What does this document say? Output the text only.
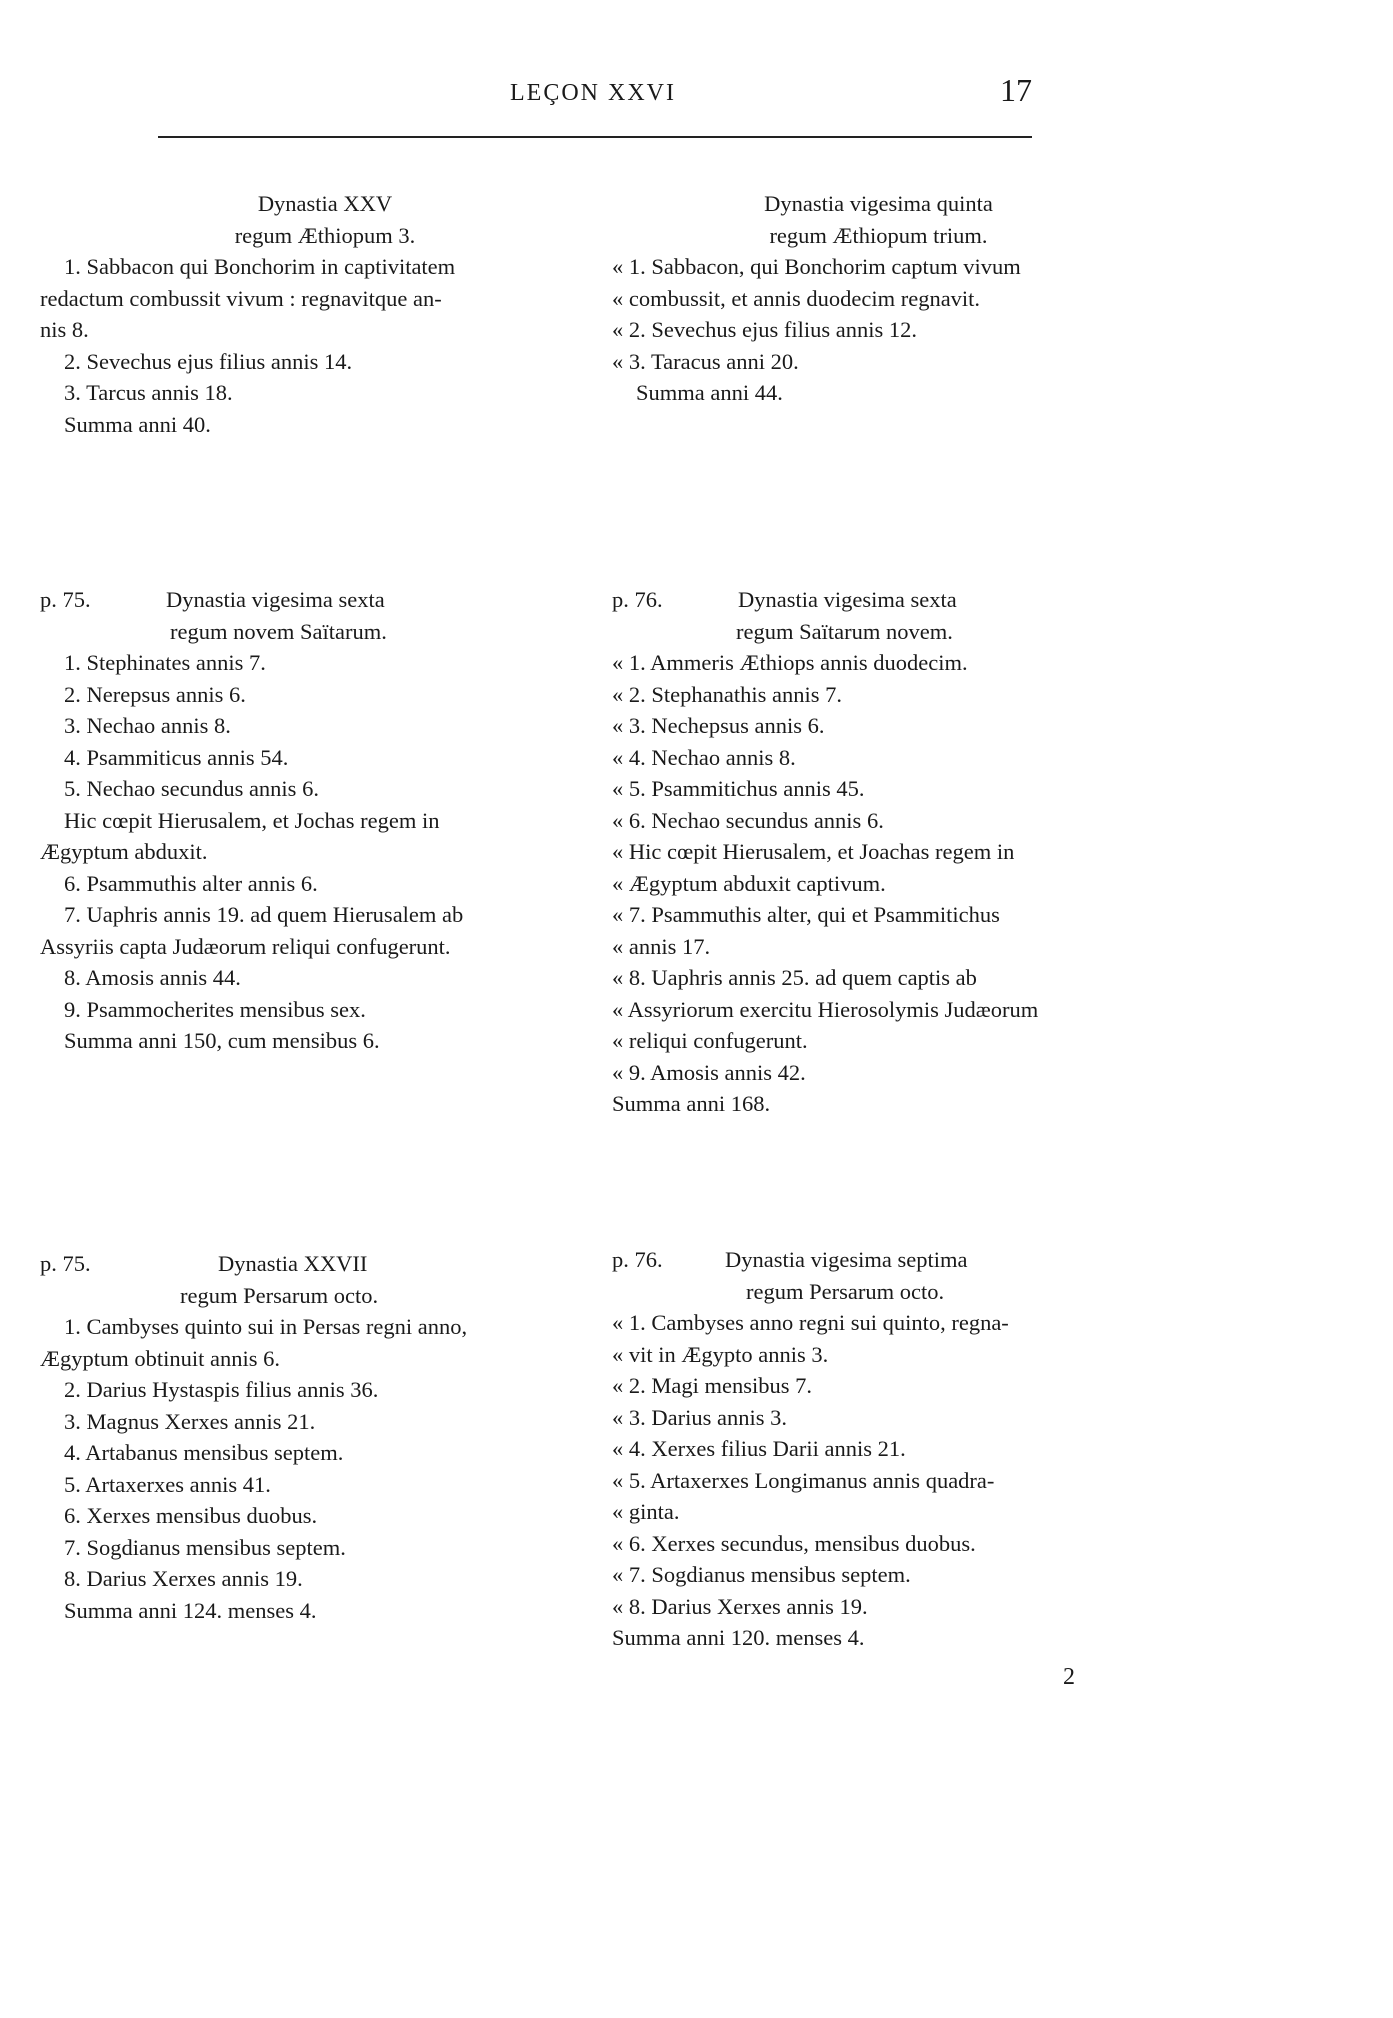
LEÇON XXVI	17
Dynastia XXV
regum Æthiopum 3.
1. Sabbacon qui Bonchorim in captivitatem
redactum combussit vivum : regnavitque an-
nis 8.
2. Sevechus ejus filius annis 14.
3. Tarcus annis 18.
Summa anni 40.
Dynastia vigesima quinta
regum Æthiopum trium.
« 1. Sabbacon, qui Bonchorim captum vivum
« combussit, et annis duodecim regnavit.
« 2. Sevechus ejus filius annis 12.
« 3. Taracus anni 20.
Summa anni 44.
p. 75.	Dynastia vigesima sexta
regum novem Saïtarum.
1. Stephinates annis 7.
2. Nerepsus annis 6.
3. Nechao annis 8.
4. Psammiticus annis 54.
5. Nechao secundus annis 6.
Hic cœpit Hierusalem, et Jochas regem in
Ægyptum abduxit.
6. Psammuthis alter annis 6.
7. Uaphris annis 19. ad quem Hierusalem ab
Assyriis capta Judæorum reliqui confugerunt.
8. Amosis annis 44.
9. Psammocherites mensibus sex.
Summa anni 150, cum mensibus 6.
p. 76.	Dynastia vigesima sexta
regum Saïtarum novem.
« 1. Ammeris Æthiops annis duodecim.
« 2. Stephanathis annis 7.
« 3. Nechepsus annis 6.
« 4. Nechao annis 8.
« 5. Psammitichus annis 45.
« 6. Nechao secundus annis 6.
« Hic cœpit Hierusalem, et Joachas regem in
« Ægyptum abduxit captivum.
« 7. Psammuthis alter, qui et Psammitichus
« annis 17.
« 8. Uaphris annis 25. ad quem captis ab
« Assyriorum exercitu Hierosolymis Judæorum
« reliqui confugerunt.
« 9. Amosis annis 42.
Summa anni 168.
p. 75.	Dynastia XXVII
regum Persarum octo.
1. Cambyses quinto sui in Persas regni anno,
Ægyptum obtinuit annis 6.
2. Darius Hystaspis filius annis 36.
3. Magnus Xerxes annis 21.
4. Artabanus mensibus septem.
5. Artaxerxes annis 41.
6. Xerxes mensibus duobus.
7. Sogdianus mensibus septem.
8. Darius Xerxes annis 19.
Summa anni 124. menses 4.
p. 76.	Dynastia vigesima septima
regum Persarum octo.
« 1. Cambyses anno regni sui quinto, regna-
« vit in Ægypto annis 3.
« 2. Magi mensibus 7.
« 3. Darius annis 3.
« 4. Xerxes filius Darii annis 21.
« 5. Artaxerxes Longimanus annis quadra-
« ginta.
« 6. Xerxes secundus, mensibus duobus.
« 7. Sogdianus mensibus septem.
« 8. Darius Xerxes annis 19.
Summa anni 120. menses 4.
2
